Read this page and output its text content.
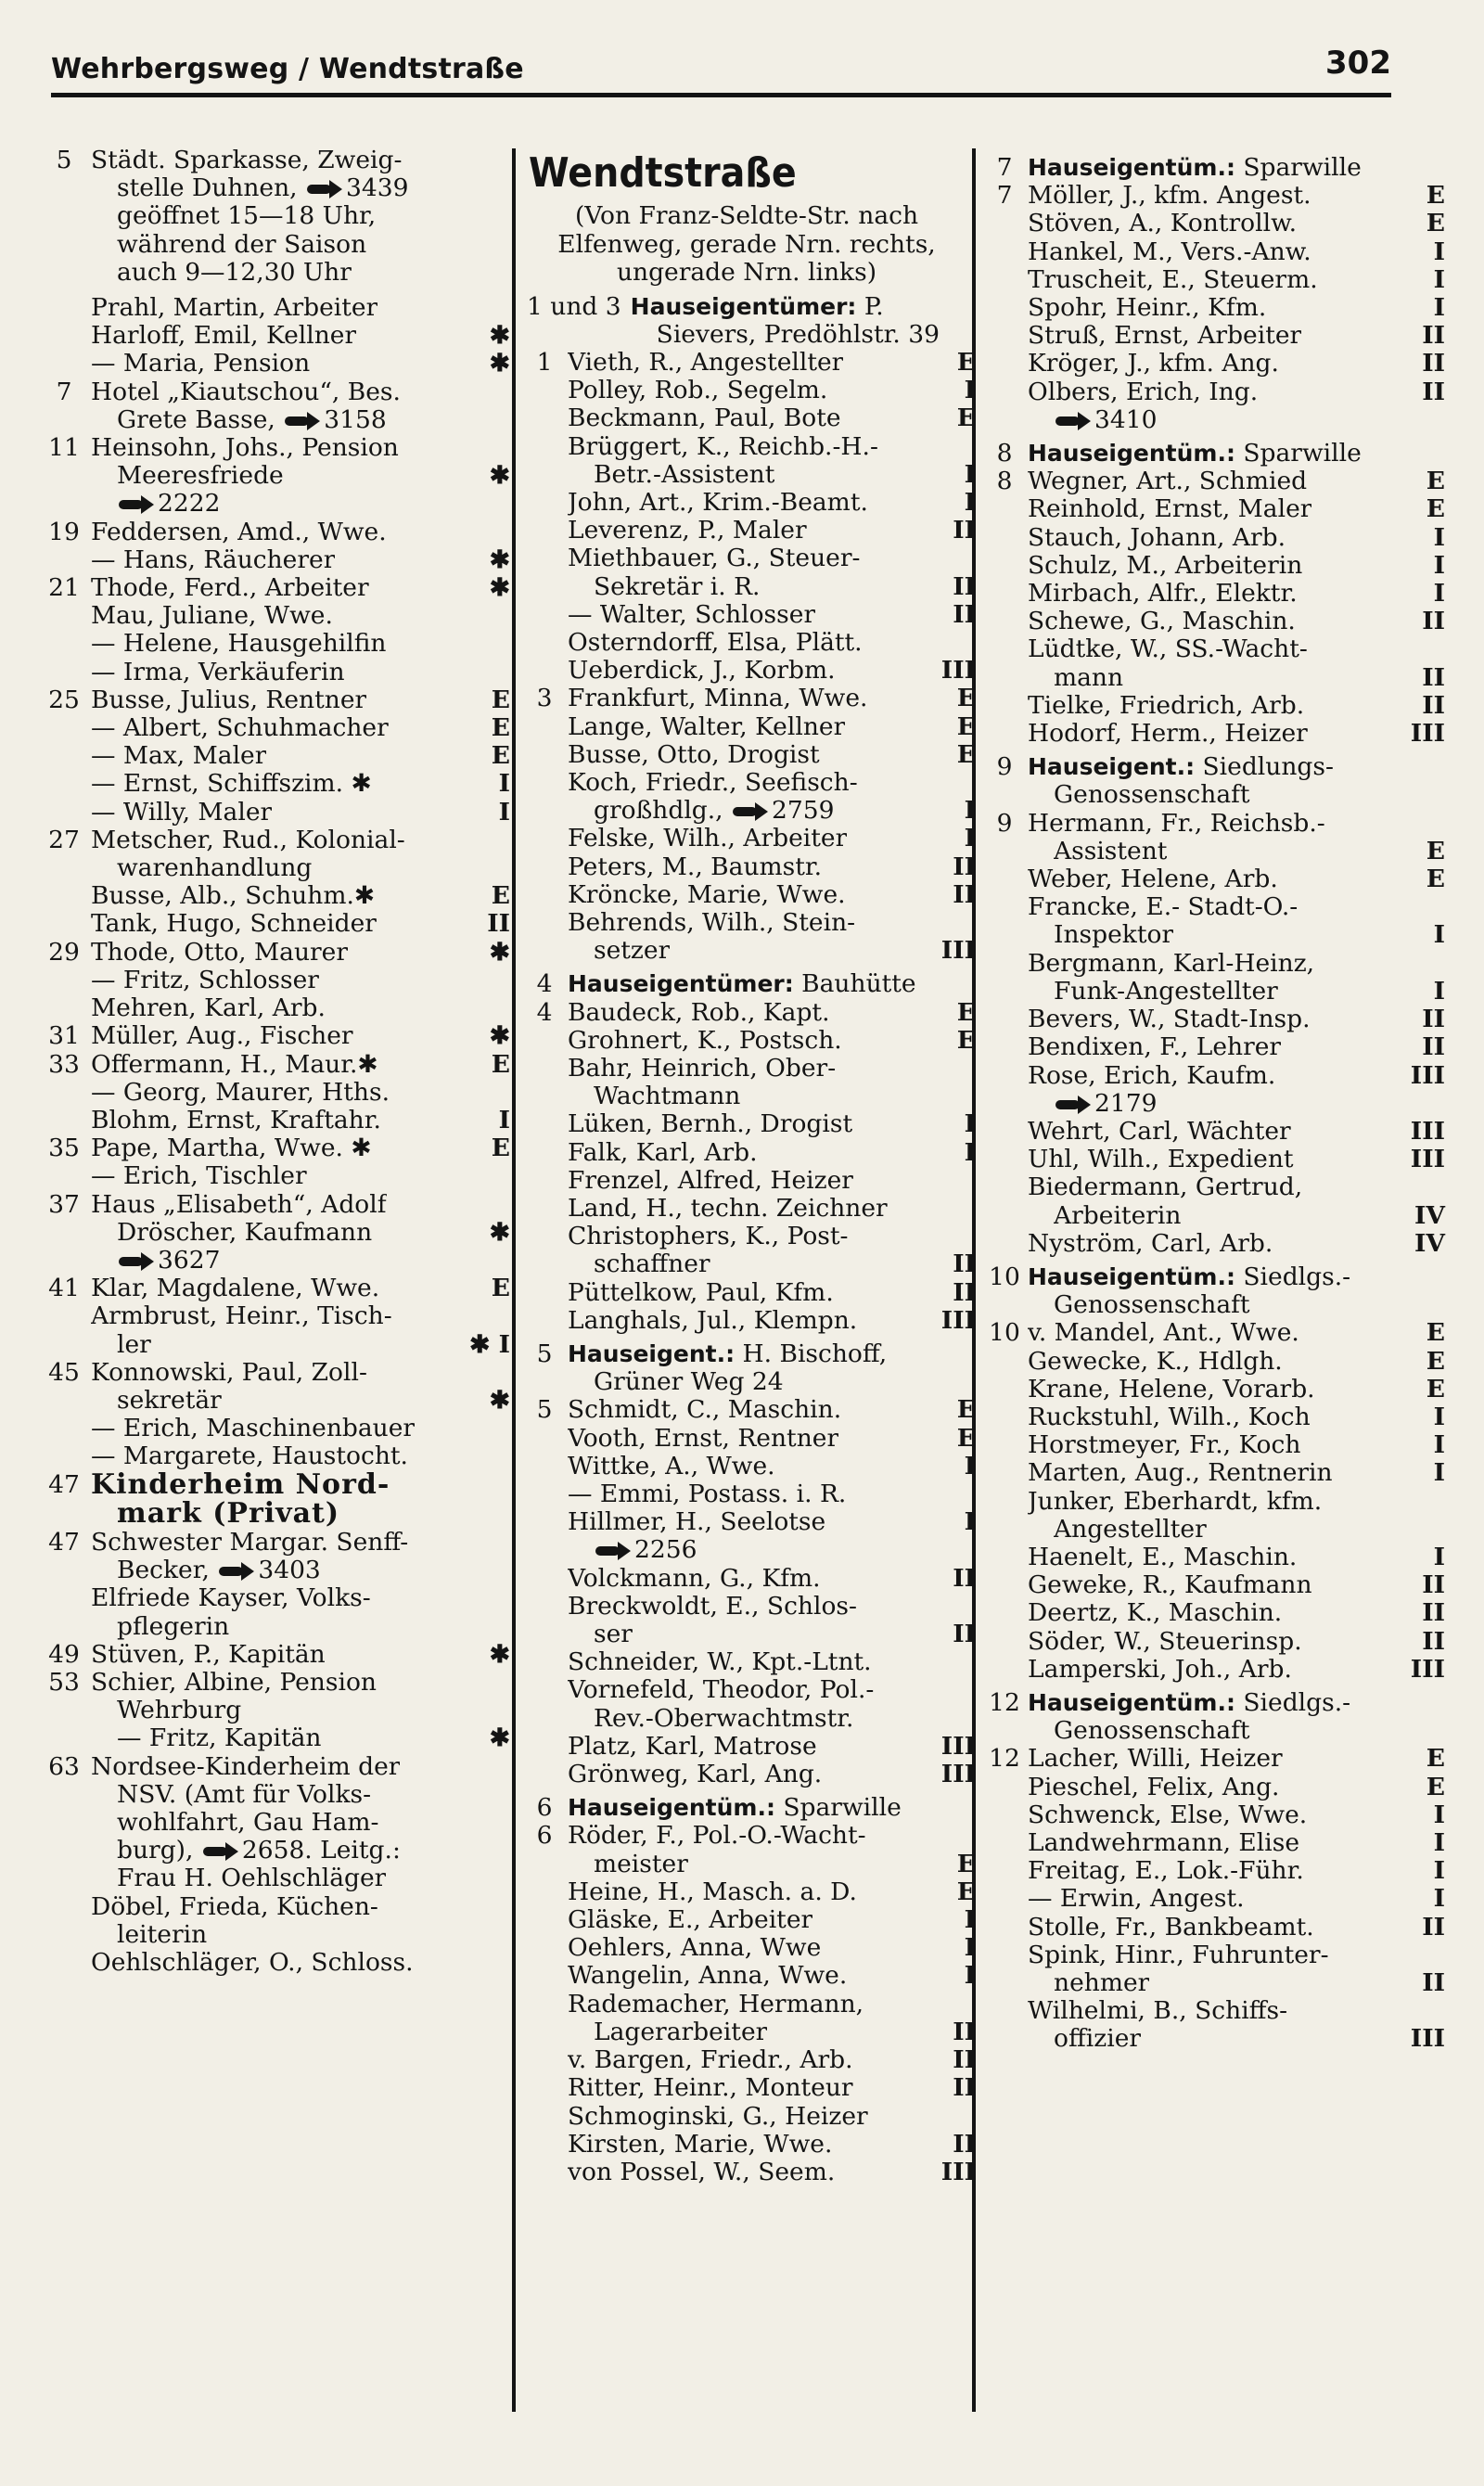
Wehrbergsweg / Wendtstraße	302
5 Städt. Sparkasse, Zweig-
stelle Duhnen, 3439
geöffnet 15—18 Uhr,
während der Saison
auch 9—12,30 Uhr
Prahl, Martin, Arbeiter
Harloff, Emil, Kellner	✱
— Maria, Pension	✱
7 Hotel „Kiautschou“, Bes.
Grete Basse, 3158
11 Heinsohn, Johs., Pension
Meeresfriede	✱
2222
19 Feddersen, Amd., Wwe.
— Hans, Räucherer	✱
21 Thode, Ferd., Arbeiter	✱
Mau, Juliane, Wwe.
— Helene, Hausgehilfin
— Irma, Verkäuferin
25 Busse, Julius, Rentner	E
— Albert, Schuhmacher	E
— Max, Maler	E
— Ernst, Schiffszim. ✱	I
— Willy, Maler	I
27 Metscher, Rud., Kolonial-
warenhandlung
Busse, Alb., Schuhm.✱	E
Tank, Hugo, Schneider	II
29 Thode, Otto, Maurer	✱
— Fritz, Schlosser
Mehren, Karl, Arb.
31 Müller, Aug., Fischer	✱
33 Offermann, H., Maur.✱	E
— Georg, Maurer, Hths.
Blohm, Ernst, Kraftahr.	I
35 Pape, Martha, Wwe. ✱	E
— Erich, Tischler
37 Haus „Elisabeth“, Adolf
Dröscher, Kaufmann	✱
3627
41 Klar, Magdalene, Wwe.	E
Armbrust, Heinr., Tisch-
ler	✱ I
45 Konnowski, Paul, Zoll-
sekretär	✱
— Erich, Maschinenbauer
— Margarete, Haustocht.
47 Kinderheim Nord-
mark (Privat)
47 Schwester Margar. Senff-
Becker, 3403
Elfriede Kayser, Volks-
pflegerin
49 Stüven, P., Kapitän	✱
53 Schier, Albine, Pension
Wehrburg
— Fritz, Kapitän	✱
63 Nordsee-Kinderheim der
NSV. (Amt für Volks-
wohlfahrt, Gau Ham-
burg), 2658. Leitg.:
Frau H. Oehlschläger
Döbel, Frieda, Küchen-
leiterin
Oehlschläger, O., Schloss.
Wendtstraße
(Von Franz-Seldte-Str. nach
Elfenweg, gerade Nrn. rechts,
ungerade Nrn. links)
1 und 3 Hauseigentümer: P.
Sievers, Predöhlstr. 39
1 Vieth, R., Angestellter	E
Polley, Rob., Segelm.	I
Beckmann, Paul, Bote	E
Brüggert, K., Reichb.-H.-
Betr.-Assistent	I
John, Art., Krim.-Beamt.	I
Leverenz, P., Maler	II
Miethbauer, G., Steuer-
Sekretär i. R.	II
— Walter, Schlosser	II
Osterndorff, Elsa, Plätt.
Ueberdick, J., Korbm.	III
3 Frankfurt, Minna, Wwe.	E
Lange, Walter, Kellner	E
Busse, Otto, Drogist	E
Koch, Friedr., Seefisch-
großhdlg., 2759	I
Felske, Wilh., Arbeiter	I
Peters, M., Baumstr.	II
Kröncke, Marie, Wwe.	II
Behrends, Wilh., Stein-
setzer	III
4 Hauseigentümer: Bauhütte
4 Baudeck, Rob., Kapt.	E
Grohnert, K., Postsch.	E
Bahr, Heinrich, Ober-
Wachtmann
Lüken, Bernh., Drogist	I
Falk, Karl, Arb.	I
Frenzel, Alfred, Heizer
Land, H., techn. Zeichner
Christophers, K., Post-
schaffner	II
Püttelkow, Paul, Kfm.	II
Langhals, Jul., Klempn.	III
5 Hauseigent.: H. Bischoff,
Grüner Weg 24
5 Schmidt, C., Maschin.	E
Vooth, Ernst, Rentner	E
Wittke, A., Wwe.	I
— Emmi, Postass. i. R.
Hillmer, H., Seelotse	I
2256
Volckmann, G., Kfm.	II
Breckwoldt, E., Schlos-
ser	II
Schneider, W., Kpt.-Ltnt.
Vornefeld, Theodor, Pol.-
Rev.-Oberwachtmstr.
Platz, Karl, Matrose	III
Grönweg, Karl, Ang.	III
6 Hauseigentüm.: Sparwille
6 Röder, F., Pol.-O.-Wacht-
meister	E
Heine, H., Masch. a. D.	E
Gläske, E., Arbeiter	I
Oehlers, Anna, Wwe	I
Wangelin, Anna, Wwe.	I
Rademacher, Hermann,
Lagerarbeiter	II
v. Bargen, Friedr., Arb.	II
Ritter, Heinr., Monteur	II
Schmoginski, G., Heizer
Kirsten, Marie, Wwe.	II
von Possel, W., Seem.	III
7 Hauseigentüm.: Sparwille
7 Möller, J., kfm. Angest.	E
Stöven, A., Kontrollw.	E
Hankel, M., Vers.-Anw.	I
Truscheit, E., Steuerm.	I
Spohr, Heinr., Kfm.	I
Struß, Ernst, Arbeiter	II
Kröger, J., kfm. Ang.	II
Olbers, Erich, Ing.	II
3410
8 Hauseigentüm.: Sparwille
8 Wegner, Art., Schmied	E
Reinhold, Ernst, Maler	E
Stauch, Johann, Arb.	I
Schulz, M., Arbeiterin	I
Mirbach, Alfr., Elektr.	I
Schewe, G., Maschin.	II
Lüdtke, W., SS.-Wacht-
mann	II
Tielke, Friedrich, Arb.	II
Hodorf, Herm., Heizer	III
9 Hauseigent.: Siedlungs-
Genossenschaft
9 Hermann, Fr., Reichsb.-
Assistent	E
Weber, Helene, Arb.	E
Francke, E.- Stadt-O.-
Inspektor	I
Bergmann, Karl-Heinz,
Funk-Angestellter	I
Bevers, W., Stadt-Insp.	II
Bendixen, F., Lehrer	II
Rose, Erich, Kaufm.	III
2179
Wehrt, Carl, Wächter	III
Uhl, Wilh., Expedient	III
Biedermann, Gertrud,
Arbeiterin	IV
Nyström, Carl, Arb.	IV
10 Hauseigentüm.: Siedlgs.-
Genossenschaft
10 v. Mandel, Ant., Wwe.	E
Gewecke, K., Hdlgh.	E
Krane, Helene, Vorarb.	E
Ruckstuhl, Wilh., Koch	I
Horstmeyer, Fr., Koch	I
Marten, Aug., Rentnerin	I
Junker, Eberhardt, kfm.
Angestellter
Haenelt, E., Maschin.	I
Geweke, R., Kaufmann	II
Deertz, K., Maschin.	II
Söder, W., Steuerinsp.	II
Lamperski, Joh., Arb.	III
12 Hauseigentüm.: Siedlgs.-
Genossenschaft
12 Lacher, Willi, Heizer	E
Pieschel, Felix, Ang.	E
Schwenck, Else, Wwe.	I
Landwehrmann, Elise	I
Freitag, E., Lok.-Führ.	I
— Erwin, Angest.	I
Stolle, Fr., Bankbeamt.	II
Spink, Hinr., Fuhrunter-
nehmer	II
Wilhelmi, B., Schiffs-
offizier	III
